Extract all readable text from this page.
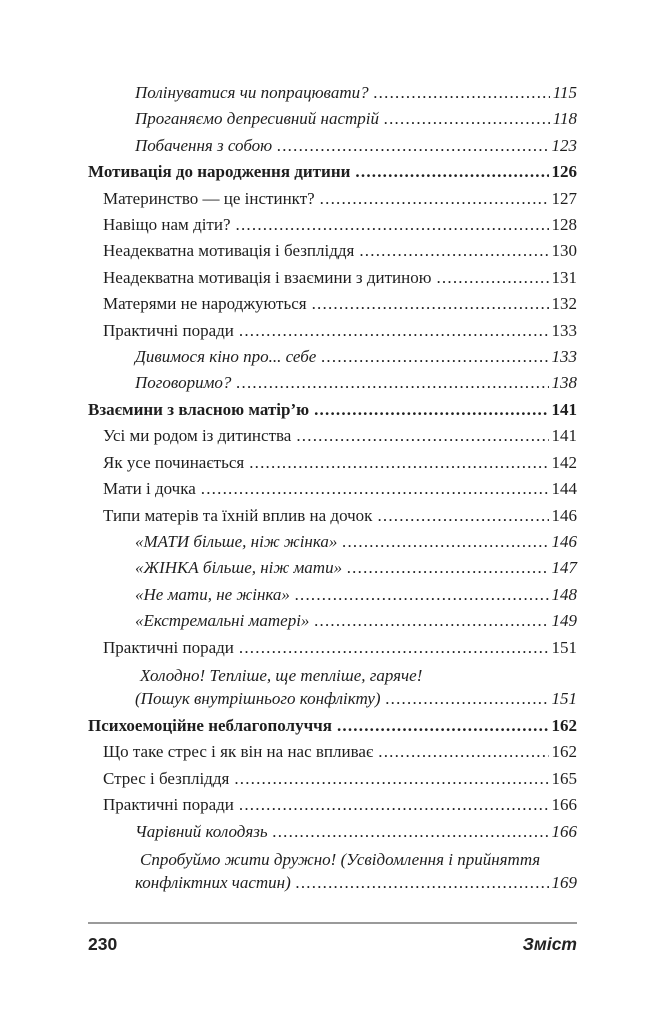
Полінуватися чи попрацювати? .....	115
Проганяємо депресивний настрій .....	118
Побачення з собою .....	123
Мотивація до народження дитини .....	126
Материнство — це інстинкт? .....	127
Навіщо нам діти? .....	128
Неадекватна мотивація і безпліддя .....	130
Неадекватна мотивація і взаємини з дитиною .....	131
Матерями не народжуються .....	132
Практичні поради .....	133
Дивимося кіно про... себе .....	133
Поговоримо? .....	138
Взаємини з власною матір’ю .....	141
Усі ми родом із дитинства .....	141
Як усе починається .....	142
Мати і дочка .....	144
Типи матерів та їхній вплив на дочок .....	146
«МАТИ більше, ніж жінка» .....	146
«ЖІНКА більше, ніж мати» .....	147
«Не мати, не жінка» .....	148
«Екстремальні матері» .....	149
Практичні поради .....	151
Холодно! Тепліше, ще тепліше, гаряче!
(Пошук внутрішнього конфлікту) .....	151
Психоемоційне неблагополуччя .....	162
Що таке стрес і як він на нас впливає .....	162
Стрес і безпліддя .....	165
Практичні поради .....	166
Чарівний колодязь .....	166
Спробуймо жити дружно! (Усвідомлення і прийняття
конфліктних частин) .....	169
230	Зміст
